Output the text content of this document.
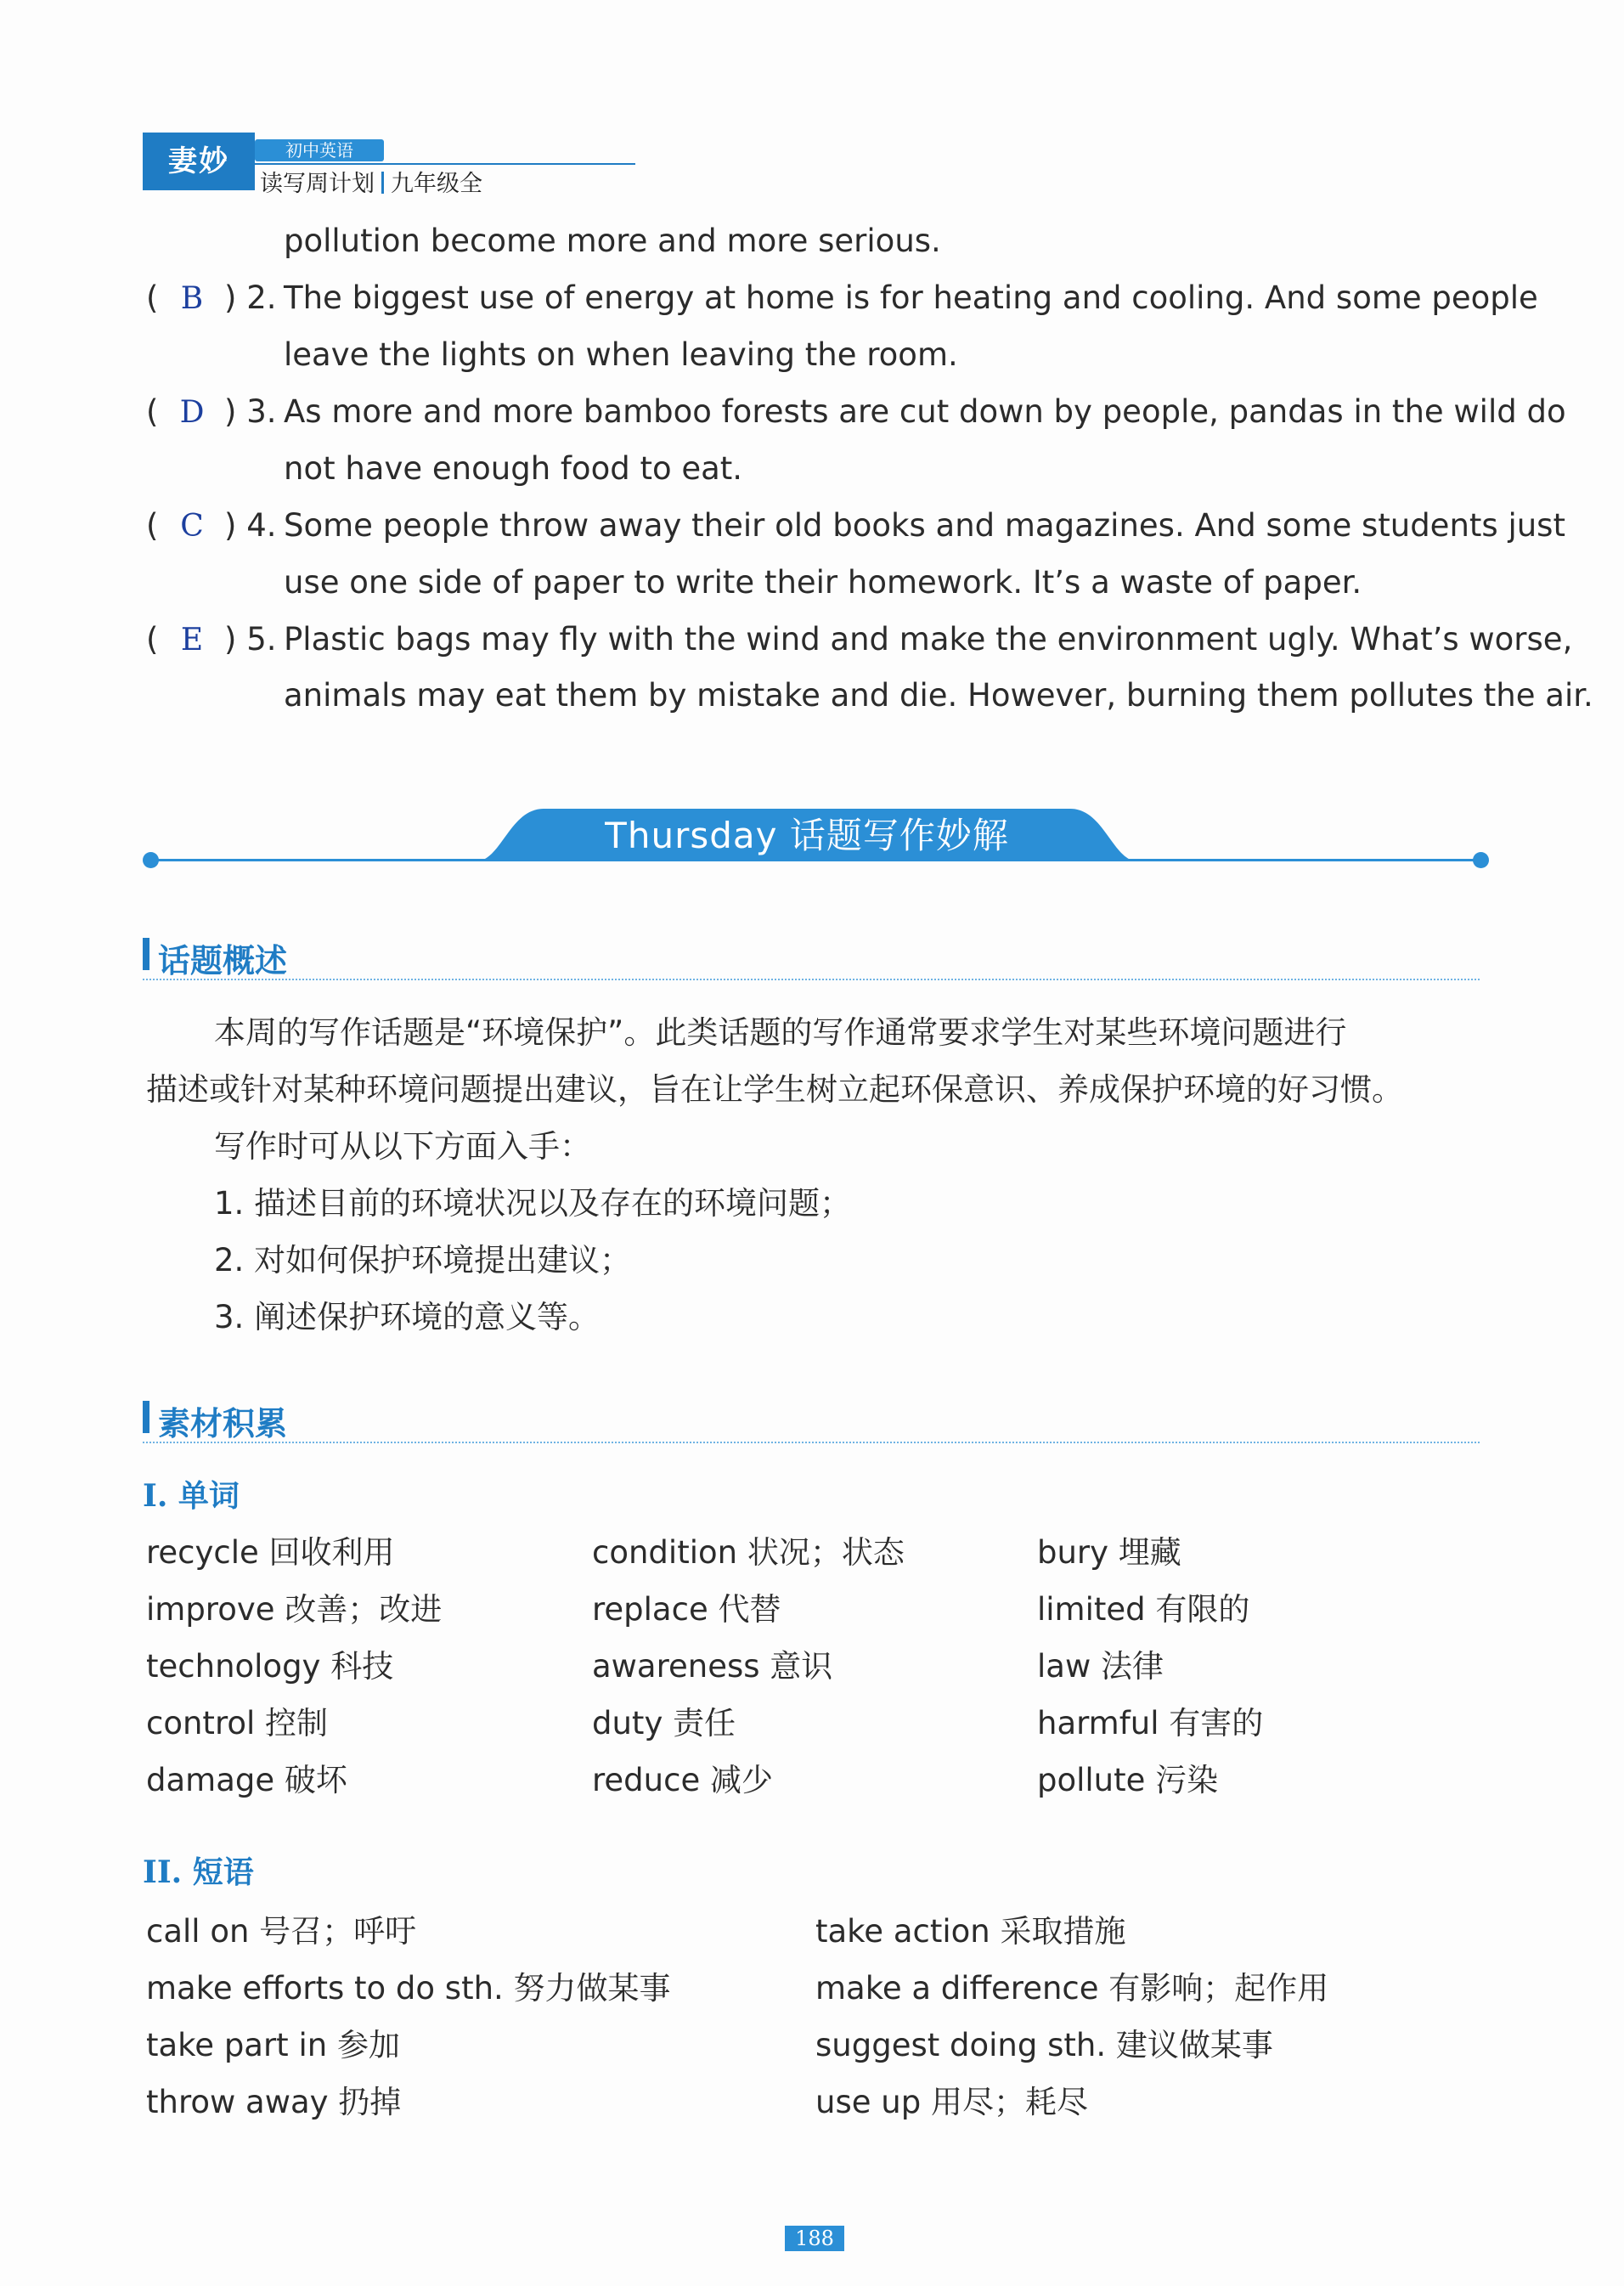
妻妙	初中英语
读写周计划 九年级全
pollution become more and more serious.
( B ) 2. The biggest use of energy at home is for heating and cooling. And some people
leave the lights on when leaving the room.
( D ) 3. As more and more bamboo forests are cut down by people, pandas in the wild do
not have enough food to eat.
( C ) 4. Some people throw away their old books and magazines. And some students just
use one side of paper to write their homework. It’s a waste of paper.
( E ) 5. Plastic bags may fly with the wind and make the environment ugly. What’s worse,
animals may eat them by mistake and die. However, burning them pollutes the air.
Thursday 话题写作妙解
话题概述
本周的写作话题是“环境保护”。此类话题的写作通常要求学生对某些环境问题进行
描述或针对某种环境问题提出建议，旨在让学生树立起环保意识、养成保护环境的好习惯。
写作时可从以下方面入手：
1. 描述目前的环境状况以及存在的环境问题；
2. 对如何保护环境提出建议；
3. 阐述保护环境的意义等。
素材积累
I. 单词
recycle 回收利用	condition 状况；状态	bury 埋藏
improve 改善；改进	replace 代替	limited 有限的
technology 科技	awareness 意识	law 法律
control 控制	duty 责任	harmful 有害的
damage 破坏	reduce 减少	pollute 污染
II. 短语
call on 号召；呼吁	take action 采取措施
make efforts to do sth. 努力做某事	make a difference 有影响；起作用
take part in 参加	suggest doing sth. 建议做某事
throw away 扔掉	use up 用尽；耗尽
188
